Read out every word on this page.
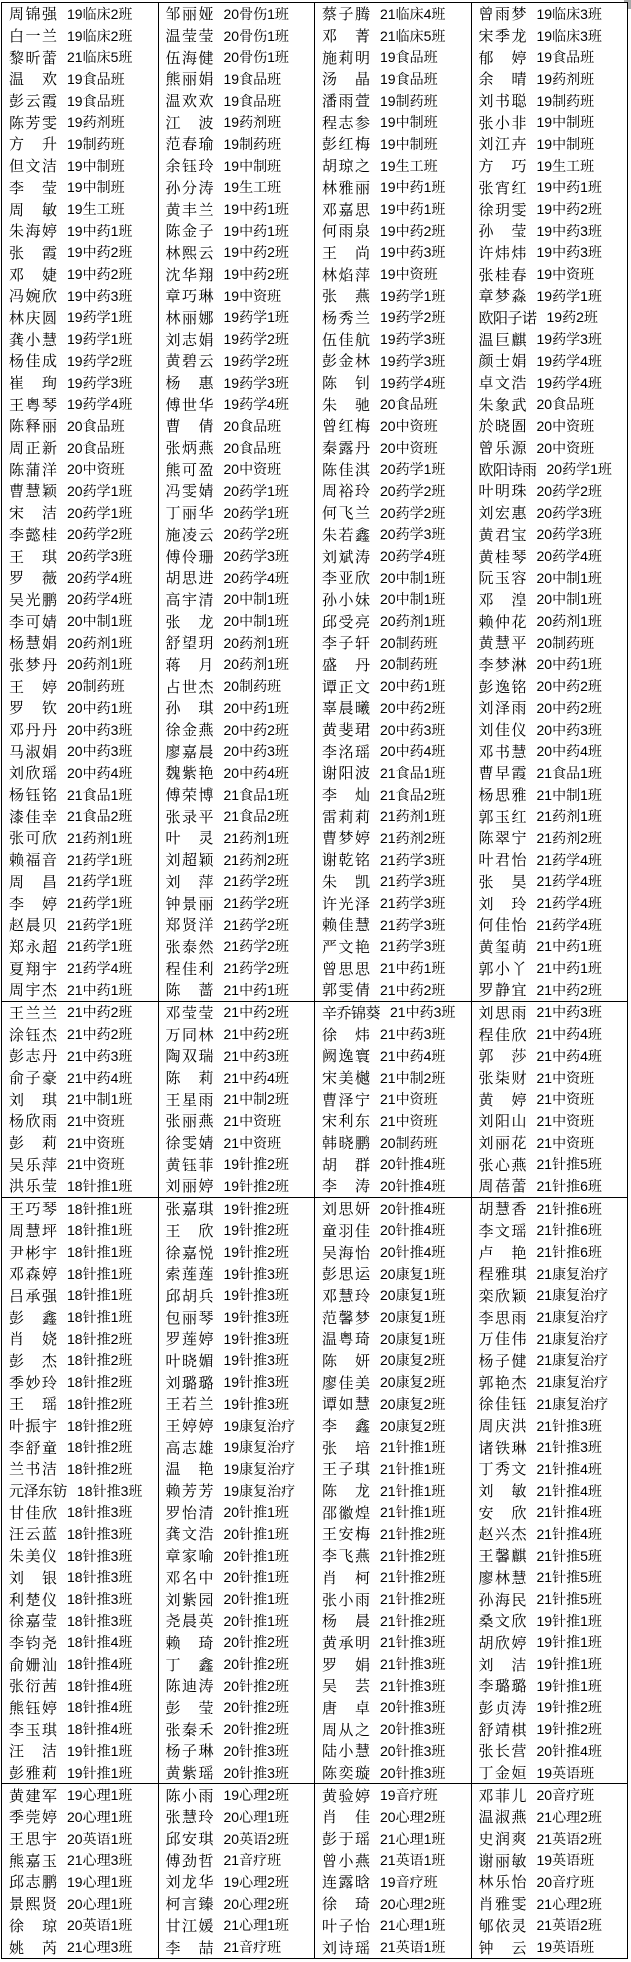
周锦强 19临床2班
白一兰 19临床2班
黎昕蕾 21临床5班
温欢 19食品班
彭云霞 19食品班
陈芳雯 19药剂班
方升 19制药班
但文洁 19中制班
李莹 19中制班
周敏 19生工班
朱海婷 19中药1班
张霞 19中药2班
邓婕 19中药2班
冯婉欣 19中药3班
林庆圆 19药学1班
龚小慧 19药学1班
杨佳成 19药学2班
崔珣 19药学3班
王粤琴 19药学4班
陈释丽 20食品班
周正新 20食品班
陈蒲洋 20中资班
曹慧颖 20药学1班
宋洁 20药学1班
李懿桂 20药学2班
王琪 20药学3班
罗薇 20药学4班
吴光鹏 20药学4班
李可婧 20中制1班
杨慧娟 20药剂1班
张梦丹 20药剂1班
王婷 20制药班
罗钦 20中药1班
邓丹丹 20中药3班
马淑娟 20中药3班
刘欣瑶 20中药4班
杨钰铭 21食品1班
漆佳幸 21食品2班
张可欣 21药剂1班
赖福音 21药学1班
周昌 21药学1班
李婷 21药学1班
赵晨贝 21药学1班
郑永超 21药学1班
夏翔宇 21药学4班
周宇杰 21中药1班
邹丽娅 20骨伤1班
温莹莹 20骨伤1班
伍海健 20骨伤1班
熊丽娟 19食品班
温欢欢 19食品班
江波 19药剂班
范春瑜 19制药班
余钰玲 19中制班
孙分涛 19生工班
黄丰兰 19中药1班
陈金子 19中药1班
林熙云 19中药2班
沈华翔 19中药2班
章巧琳 19中资班
林丽娜 19药学1班
刘志娟 19药学2班
黄碧云 19药学2班
杨惠 19药学3班
傅世华 19药学4班
曹倩 20食品班
张炳燕 20食品班
熊可盈 20中资班
冯雯婧 20药学1班
丁丽华 20药学1班
施凌云 20药学2班
傅伶珊 20药学3班
胡思进 20药学4班
高宇清 20中制1班
张龙 20中制1班
舒望玥 20药剂1班
蒋月 20药剂1班
占世杰 20制药班
孙琪 20中药1班
徐金燕 20中药2班
廖嘉晨 20中药3班
魏紫艳 20中药4班
傅荣博 21食品1班
张录平 21食品2班
叶灵 21药剂1班
刘超颖 21药剂2班
刘萍 21药学2班
钟景丽 21药学2班
郑贤洋 21药学2班
张泰然 21药学2班
程佳利 21药学2班
陈蔷 21中药1班
蔡子腾 21临床4班
邓菁 21临床5班
施莉明 19食品班
汤晶 19食品班
潘雨萱 19制药班
程志参 19中制班
彭红梅 19中制班
胡琼之 19生工班
林雅丽 19中药1班
邓嘉思 19中药1班
何雨泉 19中药2班
王尚 19中药3班
林焰萍 19中资班
张燕 19药学1班
杨秀兰 19药学2班
伍佳航 19药学3班
彭金林 19药学3班
陈钊 19药学4班
朱驰 20食品班
曾红梅 20中资班
秦露丹 20中资班
陈佳淇 20药学1班
周裕玲 20药学2班
何飞兰 20药学2班
朱若鑫 20药学3班
刘斌涛 20药学4班
李亚欣 20中制1班
孙小妹 20中制1班
邱受亮 20药剂1班
李子轩 20制药班
盛丹 20制药班
谭正文 20中药1班
辜晨曦 20中药2班
黄斐珺 20中药3班
李洺瑶 20中药4班
谢阳波 21食品1班
李灿 21食品2班
雷莉莉 21药剂1班
曹梦婷 21药剂2班
谢乾铭 21药学3班
朱凯 21药学3班
许光泽 21药学3班
赖佳慧 21药学3班
严文艳 21药学3班
曾思思 21中药1班
郭雯倩 21中药2班
曾雨梦 19临床3班
宋季龙 19临床3班
郁婷 19食品班
余晴 19药剂班
刘书聪 19制药班
张小非 19中制班
刘江卉 19中制班
方巧 19生工班
张宵红 19中药1班
徐玥雯 19中药2班
孙莹 19中药3班
许炜炜 19中药3班
张桂春 19中资班
章梦淼 19药学1班
欧阳子诺 19药2班
温巨麒 19药学3班
颜士娟 19药学4班
卓文浩 19药学4班
朱象武 20食品班
於晓圄 20中资班
曾乐源 20中资班
欧阳诗雨 20药学1班
叶明珠 20药学2班
刘宏惠 20药学3班
黄君宝 20药学3班
黄桂琴 20药学4班
阮玉容 20中制1班
邓湟 20中制1班
赖仲花 20药剂1班
黄慧平 20制药班
李梦淋 20中药1班
彭逸铭 20中药2班
刘泽雨 20中药2班
刘佳仪 20中药3班
邓书慧 20中药4班
曹早霞 21食品1班
杨思雅 21中制1班
郭玉红 21药剂1班
陈翠宁 21药剂2班
叶君怡 21药学4班
张昊 21药学4班
刘玲 21药学4班
何佳怡 21药学4班
黄玺萌 21中药1班
郭小丫 21中药1班
罗静宜 21中药2班
王兰兰 21中药2班
涂钰杰 21中药2班
彭志丹 21中药3班
俞子豪 21中药4班
刘琪 21中制1班
杨欣雨 21中资班
彭莉 21中资班
吴乐萍 21中资班
洪乐莹 18针推1班
邓莹莹 21中药2班
万同林 21中药2班
陶双瑞 21中药3班
陈莉 21中药4班
王星雨 21中制2班
张丽燕 21中资班
徐雯婧 21中资班
黄钰菲 19针推2班
刘丽婷 19针推2班
辛乔锦葵 21中药3班
徐炜 21中药3班
阙逸寰 21中药4班
宋美樾 21中制2班
曹泽宁 21中资班
宋利东 21中资班
韩晓鹏 20制药班
胡群 20针推4班
李涛 20针推4班
刘思雨 21中药3班
程佳欣 21中药4班
郭莎 21中药4班
张柒财 21中资班
黄婷 21中资班
刘阳山 21中资班
刘丽花 21中资班
张心燕 21针推5班
周蓓蕾 21针推6班
王巧琴 18针推1班
周慧坪 18针推1班
尹彬宇 18针推1班
邓森婷 18针推1班
吕承强 18针推1班
彭鑫 18针推1班
肖娆 18针推2班
彭杰 18针推2班
季妙玲 18针推2班
王瑶 18针推2班
叶振宇 18针推2班
李舒童 18针推2班
兰书洁 18针推2班
元泽东钫 18针推3班
甘佳欣 18针推3班
汪云蓝 18针推3班
朱美仪 18针推3班
刘银 18针推3班
利楚仪 18针推3班
徐嘉莹 18针推3班
李钧尧 18针推4班
俞姗汕 18针推4班
张衍茜 18针推4班
熊钰婷 18针推4班
李玉琪 18针推4班
汪洁 19针推1班
彭雅莉 19针推1班
张嘉琪 19针推2班
王欣 19针推2班
徐嘉悦 19针推2班
索莲莲 19针推3班
邱胡兵 19针推3班
包丽琴 19针推3班
罗莲婷 19针推3班
叶晓媚 19针推3班
刘璐璐 19针推3班
王若兰 19针推3班
王婷婷 19康复治疗
高志雄 19康复治疗
温艳 19康复治疗
赖芳芳 19康复治疗
罗怡清 20针推1班
龚文浩 20针推1班
章家喻 20针推1班
邓名中 20针推1班
刘紫园 20针推1班
尧晨英 20针推1班
赖琦 20针推2班
丁鑫 20针推2班
陈迪涛 20针推2班
彭莹 20针推2班
张秦禾 20针推2班
杨子琳 20针推3班
黄紫瑶 20针推3班
刘思妍 20针推4班
童羽佳 20针推4班
吴海怡 20针推4班
彭思运 20康复1班
邓慧玲 20康复1班
范馨梦 20康复1班
温粤琦 20康复1班
陈妍 20康复2班
廖佳美 20康复2班
谭如慧 20康复2班
李鑫 20康复2班
张培 21针推1班
王子琪 21针推1班
陈龙 21针推1班
邵徽煌 21针推1班
王安梅 21针推2班
李飞燕 21针推2班
肖柯 21针推2班
张小雨 21针推2班
杨晨 21针推2班
黄承明 21针推3班
罗娟 21针推3班
吴芸 21针推3班
唐卓 20针推3班
周从之 20针推3班
陆小慧 20针推3班
陈奕璇 20针推3班
胡慧香 21针推6班
李文瑶 21针推6班
卢艳 21针推6班
程雅琪 21康复治疗
栾欣颖 21康复治疗
李思雨 21康复治疗
万佳伟 21康复治疗
杨子健 21康复治疗
郭艳杰 21康复治疗
徐佳钰 21康复治疗
周庆洪 21针推3班
诸铁琳 21针推3班
丁秀文 21针推4班
刘敏 21针推4班
安欣 21针推4班
赵兴杰 21针推4班
王馨麒 21针推5班
廖林慧 21针推5班
孙海民 21针推5班
桑文欣 19针推1班
胡欣婷 19针推1班
刘洁 19针推1班
李璐璐 19针推1班
彭贞涛 19针推2班
舒靖棋 19针推2班
张长营 20针推4班
丁金姮 19英语班
黄建军 19心理1班
季莞婷 20心理1班
王思宇 20英语1班
熊嘉玉 21心理3班
邱志鹏 19心理1班
景熙贤 20心理1班
徐琼 20英语1班
姚芮 21心理3班
陈小雨 19心理2班
张慧玲 20心理1班
邱安琪 20英语2班
傅劲哲 21音疗班
刘龙华 19心理2班
柯言臻 20心理2班
甘江媛 21心理1班
李喆 21音疗班
黄验婷 19音疗班
肖佳 20心理2班
彭于瑶 21心理1班
曾小燕 21英语1班
连露晗 19音疗班
徐琦 20心理2班
叶子怡 21心理1班
刘诗瑶 21英语1班
邓菲儿 20音疗班
温淑燕 21心理2班
史润爽 21英语2班
谢丽敏 19英语班
林乐怡 20音疗班
肖雅雯 21心理2班
郇依灵 21英语2班
钟云 19英语班
